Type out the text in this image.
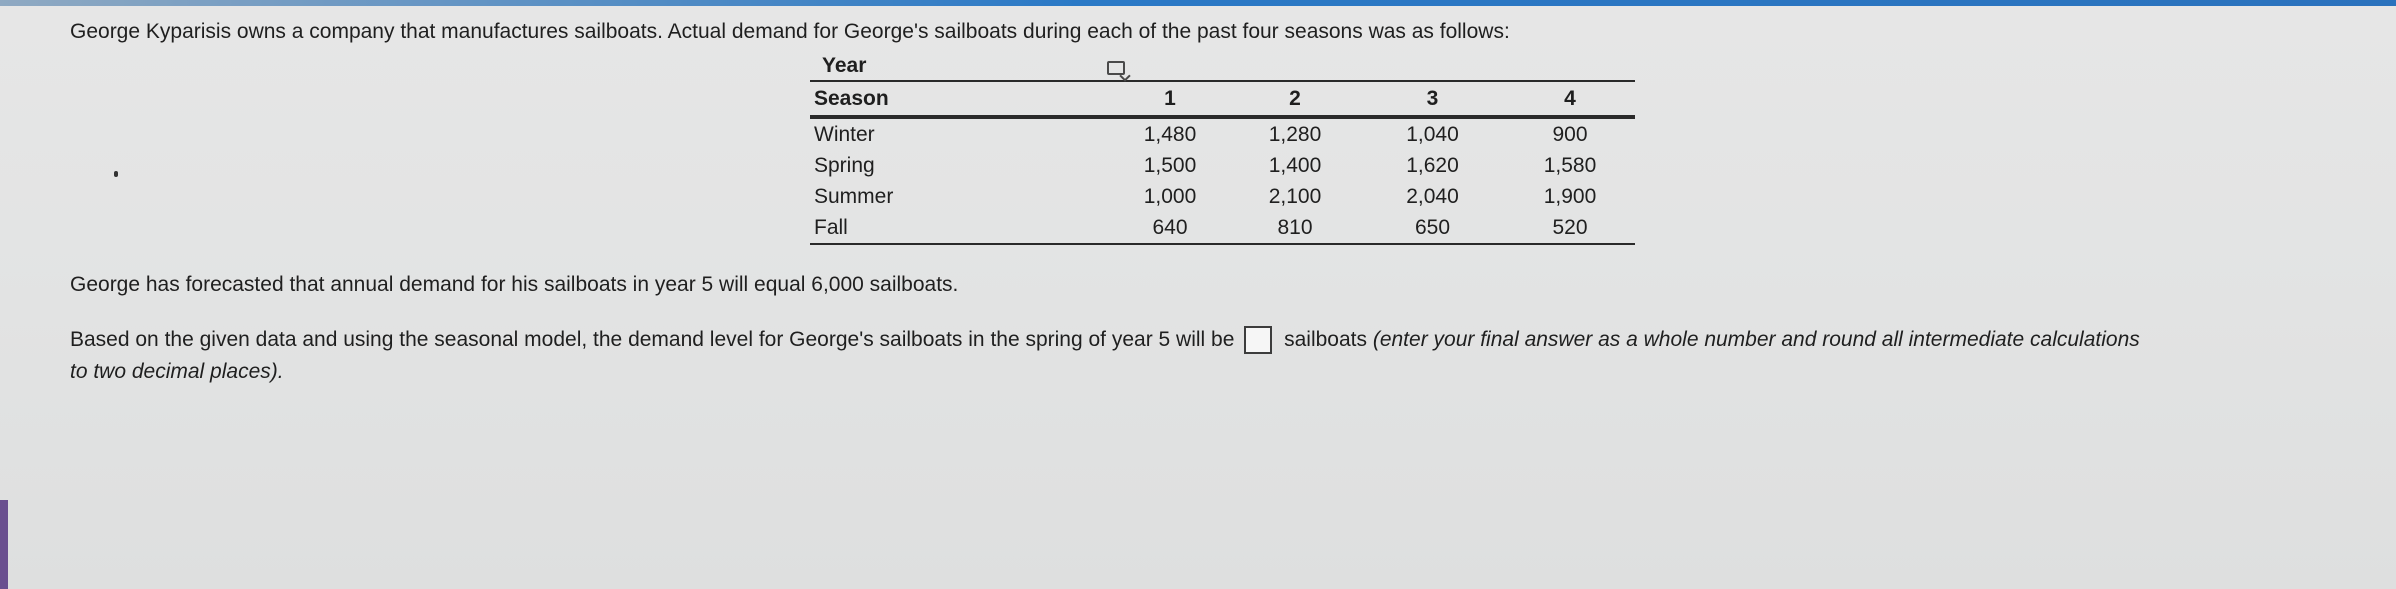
George Kyparisis owns a company that manufactures sailboats. Actual demand for George's sailboats during each of the past four seasons was as follows:
Year
Season	1	2	3	4
Winter	1,480	1,280	1,040	900
Spring	1,500	1,400	1,620	1,580
Summer	1,000	2,100	2,040	1,900
Fall	640	810	650	520
George has forecasted that annual demand for his sailboats in year 5 will equal 6,000 sailboats.
Based on the given data and using the seasonal model, the demand level for George's sailboats in the spring of year 5 will be sailboats (enter your final answer as a whole number and round all intermediate calculations
to two decimal places).
